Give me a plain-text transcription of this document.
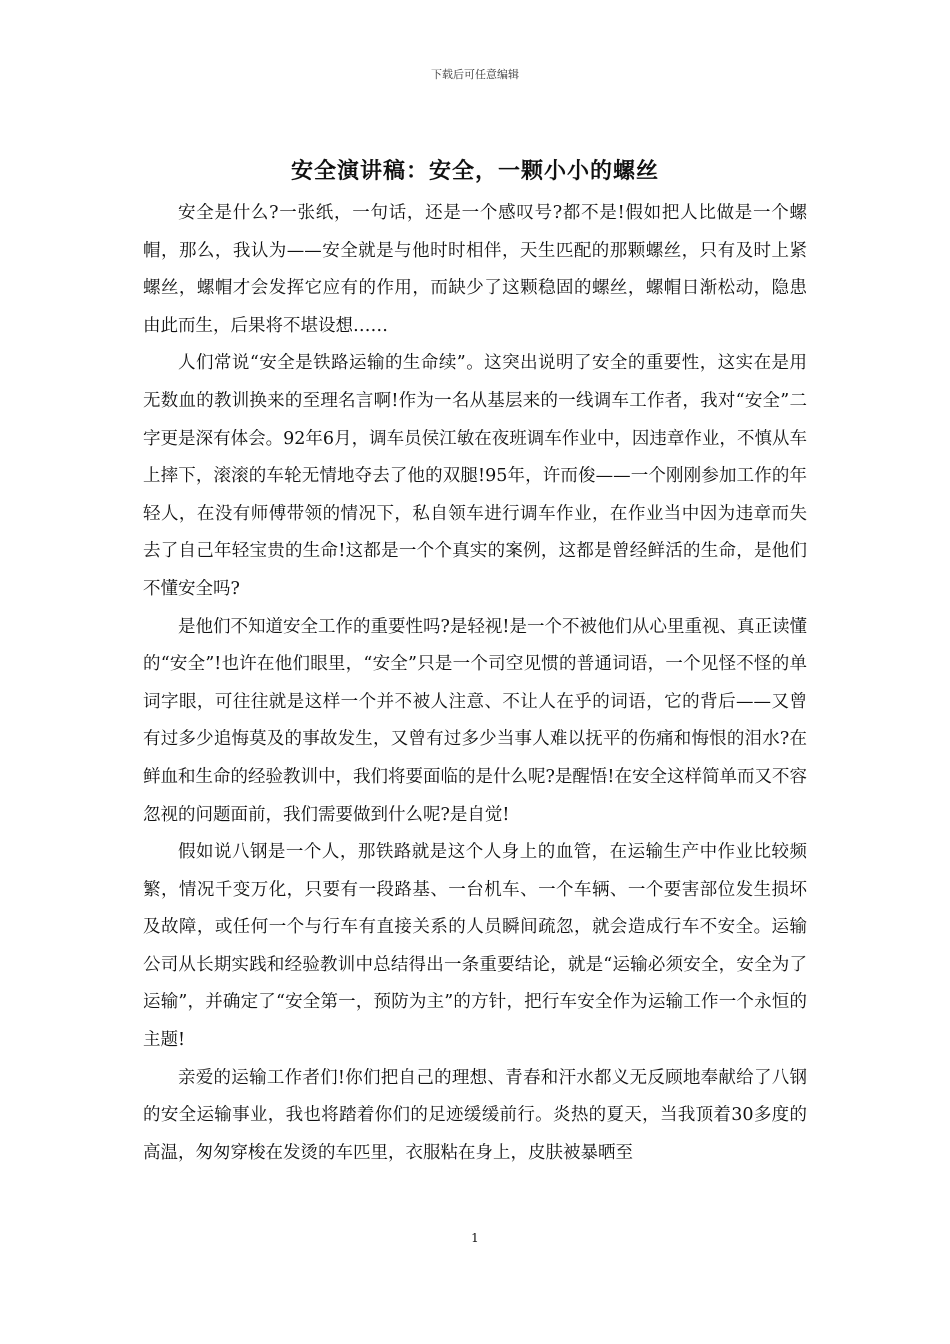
下载后可任意编辑
安全演讲稿：安全，一颗小小的螺丝

安全是什么?一张纸，一句话，还是一个感叹号?都不是!假如把人比做是一个螺帽，那么，我认为——安全就是与他时时相伴，天生匹配的那颗螺丝，只有及时上紧螺丝，螺帽才会发挥它应有的作用，而缺少了这颗稳固的螺丝，螺帽日渐松动，隐患由此而生，后果将不堪设想……

人们常说“安全是铁路运输的生命续”。这突出说明了安全的重要性，这实在是用无数血的教训换来的至理名言啊!作为一名从基层来的一线调车工作者，我对“安全”二字更是深有体会。92年6月，调车员侯江敏在夜班调车作业中，因违章作业，不慎从车上摔下，滚滚的车轮无情地夺去了他的双腿!95年，许而俊——一个刚刚参加工作的年轻人，在没有师傅带领的情况下，私自领车进行调车作业，在作业当中因为违章而失去了自己年轻宝贵的生命!这都是一个个真实的案例，这都是曾经鲜活的生命，是他们不懂安全吗?

是他们不知道安全工作的重要性吗?是轻视!是一个不被他们从心里重视、真正读懂的“安全”!也许在他们眼里，“安全”只是一个司空见惯的普通词语，一个见怪不怪的单词字眼，可往往就是这样一个并不被人注意、不让人在乎的词语，它的背后——又曾有过多少追悔莫及的事故发生，又曾有过多少当事人难以抚平的伤痛和悔恨的泪水?在鲜血和生命的经验教训中，我们将要面临的是什么呢?是醒悟!在安全这样简单而又不容忽视的问题面前，我们需要做到什么呢?是自觉!

假如说八钢是一个人，那铁路就是这个人身上的血管，在运输生产中作业比较频繁，情况千变万化，只要有一段路基、一台机车、一个车辆、一个要害部位发生损坏及故障，或任何一个与行车有直接关系的人员瞬间疏忽，就会造成行车不安全。运输公司从长期实践和经验教训中总结得出一条重要结论，就是“运输必须安全，安全为了运输”，并确定了“安全第一，预防为主”的方针，把行车安全作为运输工作一个永恒的主题!

亲爱的运输工作者们!你们把自己的理想、青春和汗水都义无反顾地奉献给了八钢的安全运输事业，我也将踏着你们的足迹缓缓前行。炎热的夏天，当我顶着30多度的高温，匆匆穿梭在发烫的车匹里，衣服粘在身上，皮肤被暴晒至

1
